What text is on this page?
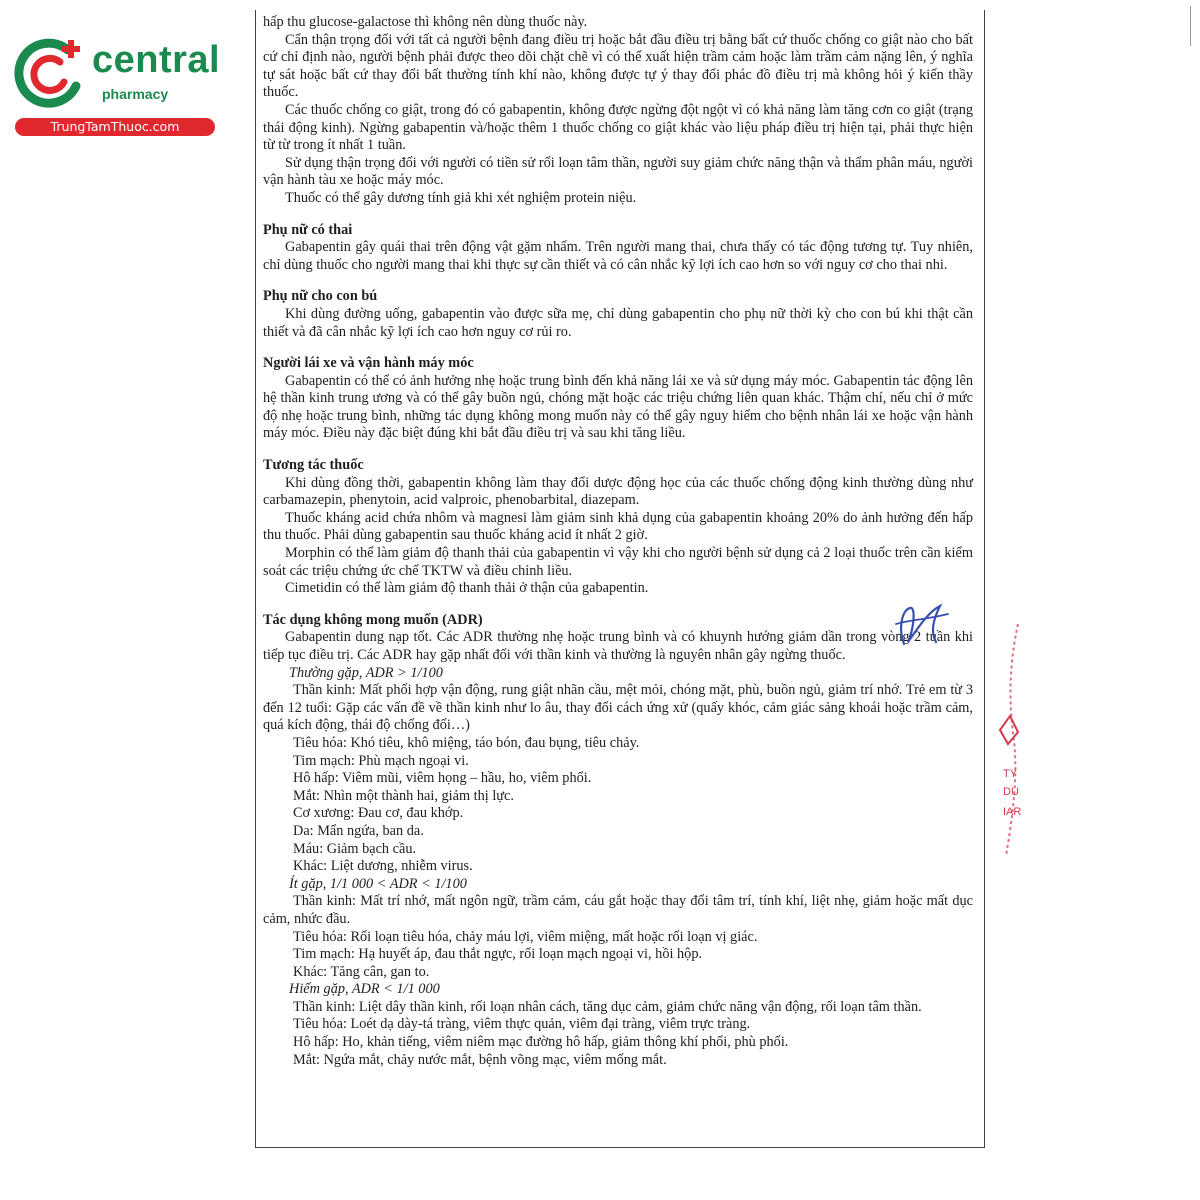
central
pharmacy
TrungTamThuoc.com

hấp thu glucose-galactose thì không nên dùng thuốc này.

Cẩn thận trọng đối với tất cả người bệnh đang điều trị hoặc bắt đầu điều trị bằng bất cứ thuốc chống co giật nào cho bất cứ chỉ định nào, người bệnh phải được theo dõi chặt chẽ vì có thể xuất hiện trầm cảm hoặc làm trầm cảm nặng lên, ý nghĩa tự sát hoặc bất cứ thay đổi bất thường tính khí nào, không được tự ý thay đổi phác đồ điều trị mà không hỏi ý kiến thầy thuốc.

Các thuốc chống co giật, trong đó có gabapentin, không được ngừng đột ngột vì có khả năng làm tăng cơn co giật (trạng thái động kinh). Ngừng gabapentin và/hoặc thêm 1 thuốc chống co giật khác vào liệu pháp điều trị hiện tại, phải thực hiện từ từ trong ít nhất 1 tuần.

Sử dụng thận trọng đối với người có tiền sử rối loạn tâm thần, người suy giảm chức năng thận và thẩm phân máu, người vận hành tàu xe hoặc máy móc.

Thuốc có thể gây dương tính giả khi xét nghiệm protein niệu.

Phụ nữ có thai

Gabapentin gây quái thai trên động vật gặm nhấm. Trên người mang thai, chưa thấy có tác động tương tự. Tuy nhiên, chỉ dùng thuốc cho người mang thai khi thực sự cần thiết và có cân nhắc kỹ lợi ích cao hơn so với nguy cơ cho thai nhi.

Phụ nữ cho con bú

Khi dùng đường uống, gabapentin vào được sữa mẹ, chỉ dùng gabapentin cho phụ nữ thời kỳ cho con bú khi thật cần thiết và đã cân nhắc kỹ lợi ích cao hơn nguy cơ rủi ro.

Người lái xe và vận hành máy móc

Gabapentin có thể có ảnh hưởng nhẹ hoặc trung bình đến khả năng lái xe và sử dụng máy móc. Gabapentin tác động lên hệ thần kinh trung ương và có thể gây buồn ngủ, chóng mặt hoặc các triệu chứng liên quan khác. Thậm chí, nếu chỉ ở mức độ nhẹ hoặc trung bình, những tác dụng không mong muốn này có thể gây nguy hiểm cho bệnh nhân lái xe hoặc vận hành máy móc. Điều này đặc biệt đúng khi bắt đầu điều trị và sau khi tăng liều.

Tương tác thuốc

Khi dùng đồng thời, gabapentin không làm thay đổi dược động học của các thuốc chống động kinh thường dùng như carbamazepin, phenytoin, acid valproic, phenobarbital, diazepam.

Thuốc kháng acid chứa nhôm và magnesi làm giảm sinh khả dụng của gabapentin khoảng 20% do ảnh hưởng đến hấp thu thuốc. Phải dùng gabapentin sau thuốc kháng acid ít nhất 2 giờ.

Morphin có thể làm giảm độ thanh thải của gabapentin vì vậy khi cho người bệnh sử dụng cả 2 loại thuốc trên cần kiểm soát các triệu chứng ức chế TKTW và điều chỉnh liều.

Cimetidin có thể làm giảm độ thanh thải ở thận của gabapentin.

Tác dụng không mong muốn (ADR)

Gabapentin dung nạp tốt. Các ADR thường nhẹ hoặc trung bình và có khuynh hướng giảm dần trong vòng 2 tuần khi tiếp tục điều trị. Các ADR hay gặp nhất đối với thần kinh và thường là nguyên nhân gây ngừng thuốc.

Thường gặp, ADR > 1/100

Thần kinh: Mất phối hợp vận động, rung giật nhãn cầu, mệt mỏi, chóng mặt, phù, buồn ngủ, giảm trí nhớ. Trẻ em từ 3 đến 12 tuổi: Gặp các vấn đề về thần kinh như lo âu, thay đổi cách ứng xử (quấy khóc, cảm giác sảng khoái hoặc trầm cảm, quá kích động, thái độ chống đối…)

Tiêu hóa: Khó tiêu, khô miệng, táo bón, đau bụng, tiêu chảy.

Tim mạch: Phù mạch ngoại vi.

Hô hấp: Viêm mũi, viêm họng – hầu, ho, viêm phổi.

Mắt: Nhìn một thành hai, giảm thị lực.

Cơ xương: Đau cơ, đau khớp.

Da: Mẩn ngứa, ban da.

Máu: Giảm bạch cầu.

Khác: Liệt dương, nhiễm virus.

Ít gặp, 1/1 000 < ADR < 1/100

Thần kinh: Mất trí nhớ, mất ngôn ngữ, trầm cảm, cáu gắt hoặc thay đổi tâm trí, tính khí, liệt nhẹ, giảm hoặc mất dục cảm, nhức đầu.

Tiêu hóa: Rối loạn tiêu hóa, chảy máu lợi, viêm miệng, mất hoặc rối loạn vị giác.

Tim mạch: Hạ huyết áp, đau thắt ngực, rối loạn mạch ngoại vi, hồi hộp.

Khác: Tăng cân, gan to.

Hiếm gặp, ADR < 1/1 000

Thần kinh: Liệt dây thần kinh, rối loạn nhân cách, tăng dục cảm, giảm chức năng vận động, rối loạn tâm thần.

Tiêu hóa: Loét dạ dày-tá tràng, viêm thực quản, viêm đại tràng, viêm trực tràng.

Hô hấp: Ho, khản tiếng, viêm niêm mạc đường hô hấp, giảm thông khí phổi, phù phổi.

Mắt: Ngứa mắt, chảy nước mắt, bệnh võng mạc, viêm mống mắt.

TY
DU
IAR
